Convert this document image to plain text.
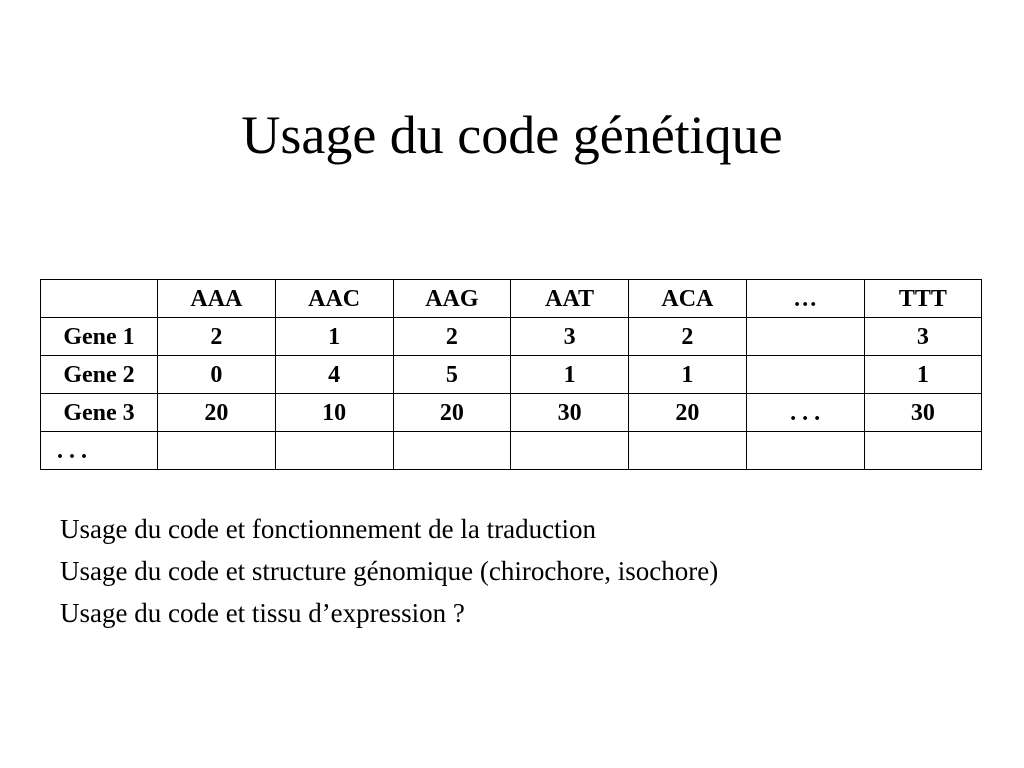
Usage du code génétique
	AAA	AAC	AAG	AAT	ACA	…	TTT
Gene 1	2	1	2	3	2		3
Gene 2	0	4	5	1	1		1
Gene 3	20	10	20	30	20	. . .	30
. . .							
Usage du code et fonctionnement de la traduction
Usage du code et structure génomique (chirochore, isochore)
Usage du code et tissu d’expression ?
